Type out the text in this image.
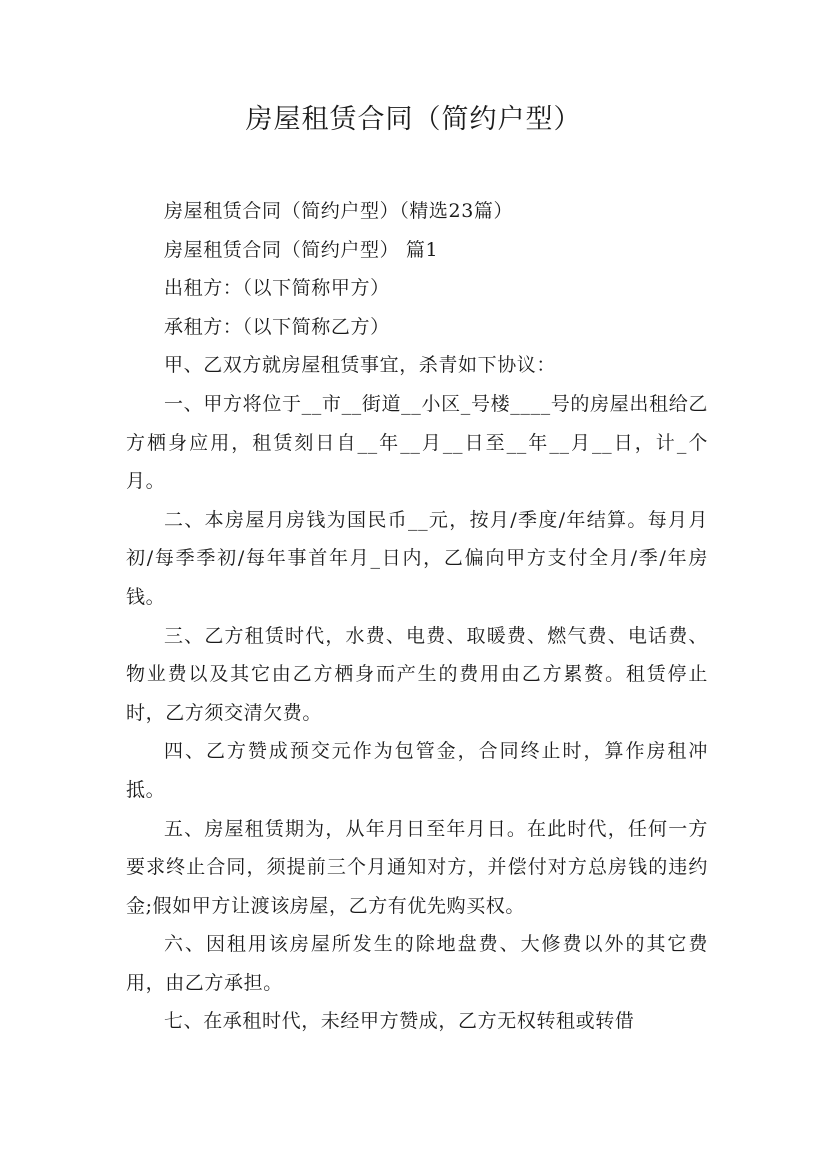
房屋租赁合同（简约户型）

房屋租赁合同（简约户型）（精选23篇）

房屋租赁合同（简约户型） 篇1

出租方：（以下简称甲方）

承租方：（以下简称乙方）

甲、乙双方就房屋租赁事宜，杀青如下协议：

一、甲方将位于__市__街道__小区_号楼____号的房屋出租给乙方栖身应用，租赁刻日自__年__月__日至__年__月__日，计_个月。

二、本房屋月房钱为国民币__元，按月/季度/年结算。每月月初/每季季初/每年事首年月_日内，乙偏向甲方支付全月/季/年房钱。

三、乙方租赁时代，水费、电费、取暖费、燃气费、电话费、物业费以及其它由乙方栖身而产生的费用由乙方累赘。租赁停止时，乙方须交清欠费。

四、乙方赞成预交元作为包管金，合同终止时，算作房租冲抵。

五、房屋租赁期为，从年月日至年月日。在此时代，任何一方要求终止合同，须提前三个月通知对方，并偿付对方总房钱的违约金;假如甲方让渡该房屋，乙方有优先购买权。

六、因租用该房屋所发生的除地盘费、大修费以外的其它费用，由乙方承担。

七、在承租时代，未经甲方赞成，乙方无权转租或转借
